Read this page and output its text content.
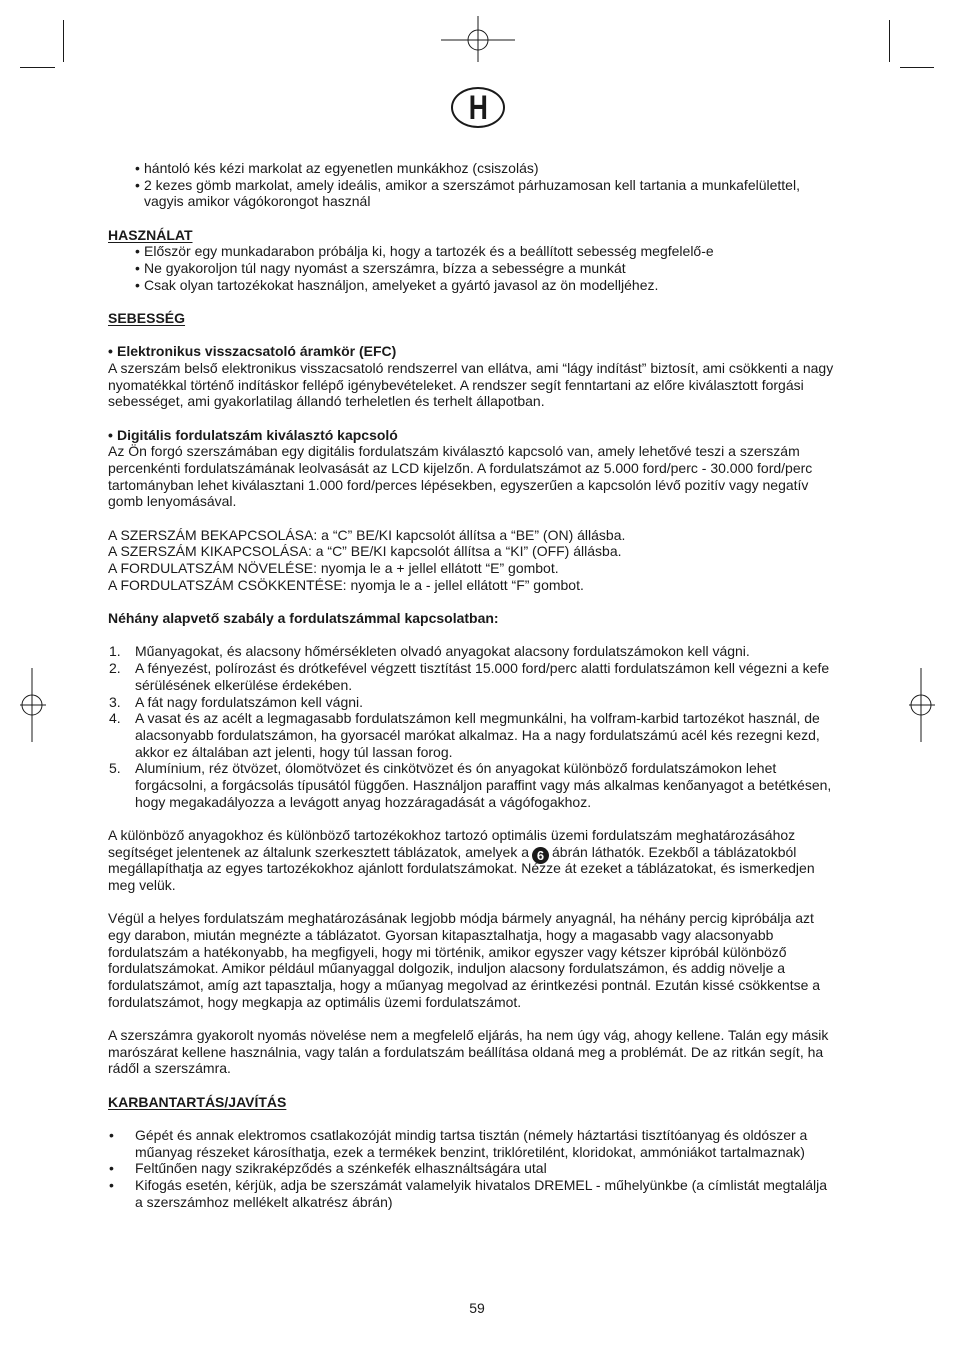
H
• hántoló kés kézi markolat az egyenetlen munkákhoz (csiszolás)
• 2 kezes gömb markolat, amely ideális, amikor a szerszámot párhuzamosan kell tartania a munkafelülettel,
vagyis amikor vágókorongot használ
HASZNÁLAT
• Először egy munkadarabon próbálja ki, hogy a tartozék és a beállított sebesség megfelelő-e
• Ne gyakoroljon túl nagy nyomást a szerszámra, bízza a sebességre a munkát
• Csak olyan tartozékokat használjon, amelyeket a gyártó javasol az ön modelljéhez.
SEBESSÉG
• Elektronikus visszacsatoló áramkör (EFC)
A szerszám belső elektronikus visszacsatoló rendszerrel van ellátva, ami “lágy indítást” biztosít, ami csökkenti a nagy
nyomatékkal történő indításkor fellépő igénybevételeket. A rendszer segít fenntartani az előre kiválasztott forgási
sebességet, ami gyakorlatilag állandó terheletlen és terhelt állapotban.
• Digitális fordulatszám kiválasztó kapcsoló
Az Ön forgó szerszámában egy digitális fordulatszám kiválasztó kapcsoló van, amely lehetővé teszi a szerszám
percenkénti fordulatszámának leolvasását az LCD kijelzőn. A fordulatszámot az 5.000 ford/perc - 30.000 ford/perc
tartományban lehet kiválasztani 1.000 ford/perces lépésekben, egyszerűen a kapcsolón lévő pozitív vagy negatív
gomb lenyomásával.
A SZERSZÁM BEKAPCSOLÁSA: a “C” BE/KI kapcsolót állítsa a “BE” (ON) állásba.
A SZERSZÁM KIKAPCSOLÁSA: a “C” BE/KI kapcsolót állítsa a “KI” (OFF) állásba.
A FORDULATSZÁM NÖVELÉSE: nyomja le a + jellel ellátott “E” gombot.
A FORDULATSZÁM CSÖKKENTÉSE: nyomja le a - jellel ellátott “F” gombot.
Néhány alapvető szabály a fordulatszámmal kapcsolatban:
1. Műanyagokat, és alacsony hőmérsékleten olvadó anyagokat alacsony fordulatszámokon kell vágni.
2. A fényezést, polírozást és drótkefével végzett tisztítást 15.000 ford/perc alatti fordulatszámon kell végezni a kefe
sérülésének elkerülése érdekében.
3. A fát nagy fordulatszámon kell vágni.
4. A vasat és az acélt a legmagasabb fordulatszámon kell megmunkálni, ha volfram-karbid tartozékot használ, de
alacsonyabb fordulatszámon, ha gyorsacél marókat alkalmaz. Ha a nagy fordulatszámú acél kés rezegni kezd,
akkor ez általában azt jelenti, hogy túl lassan forog.
5. Alumínium, réz ötvözet, ólomötvözet és cinkötvözet és ón anyagokat különböző fordulatszámokon lehet
forgácsolni, a forgácsolás típusától függően. Használjon paraffint vagy más alkalmas kenőanyagot a betétkésen,
hogy megakadályozza a levágott anyag hozzáragadását a vágófogakhoz.
A különböző anyagokhoz és különböző tartozékokhoz tartozó optimális üzemi fordulatszám meghatározásához
segítséget jelentenek az általunk szerkesztett táblázatok, amelyek a 6 ábrán láthatók. Ezekből a táblázatokból
megállapíthatja az egyes tartozékokhoz ajánlott fordulatszámokat. Nézze át ezeket a táblázatokat, és ismerkedjen
meg velük.
Végül a helyes fordulatszám meghatározásának legjobb módja bármely anyagnál, ha néhány percig kipróbálja azt
egy darabon, miután megnézte a táblázatot. Gyorsan kitapasztalhatja, hogy a magasabb vagy alacsonyabb
fordulatszám a hatékonyabb, ha megfigyeli, hogy mi történik, amikor egyszer vagy kétszer kipróbál különböző
fordulatszámokat. Amikor például műanyaggal dolgozik, induljon alacsony fordulatszámon, és addig növelje a
fordulatszámot, amíg azt tapasztalja, hogy a műanyag megolvad az érintkezési pontnál. Ezután kissé csökkentse a
fordulatszámot, hogy megkapja az optimális üzemi fordulatszámot.
A szerszámra gyakorolt nyomás növelése nem a megfelelő eljárás, ha nem úgy vág, ahogy kellene. Talán egy másik
marószárat kellene használnia, vagy talán a fordulatszám beállítása oldaná meg a problémát. De az ritkán segít, ha
rádől a szerszámra.
KARBANTARTÁS/JAVÍTÁS
• Gépét és annak elektromos csatlakozóját mindig tartsa tisztán (némely háztartási tisztítóanyag és oldószer a
műanyag részeket károsíthatja, ezek a termékek benzint, triklóretilént, kloridokat, ammóniákot tartalmaznak)
• Feltűnően nagy szikraképződés a szénkefék elhasználtságára utal
• Kifogás esetén, kérjük, adja be szerszámát valamelyik hivatalos DREMEL - műhelyünkbe (a címlistát megtalálja
a szerszámhoz mellékelt alkatrész ábrán)
59
